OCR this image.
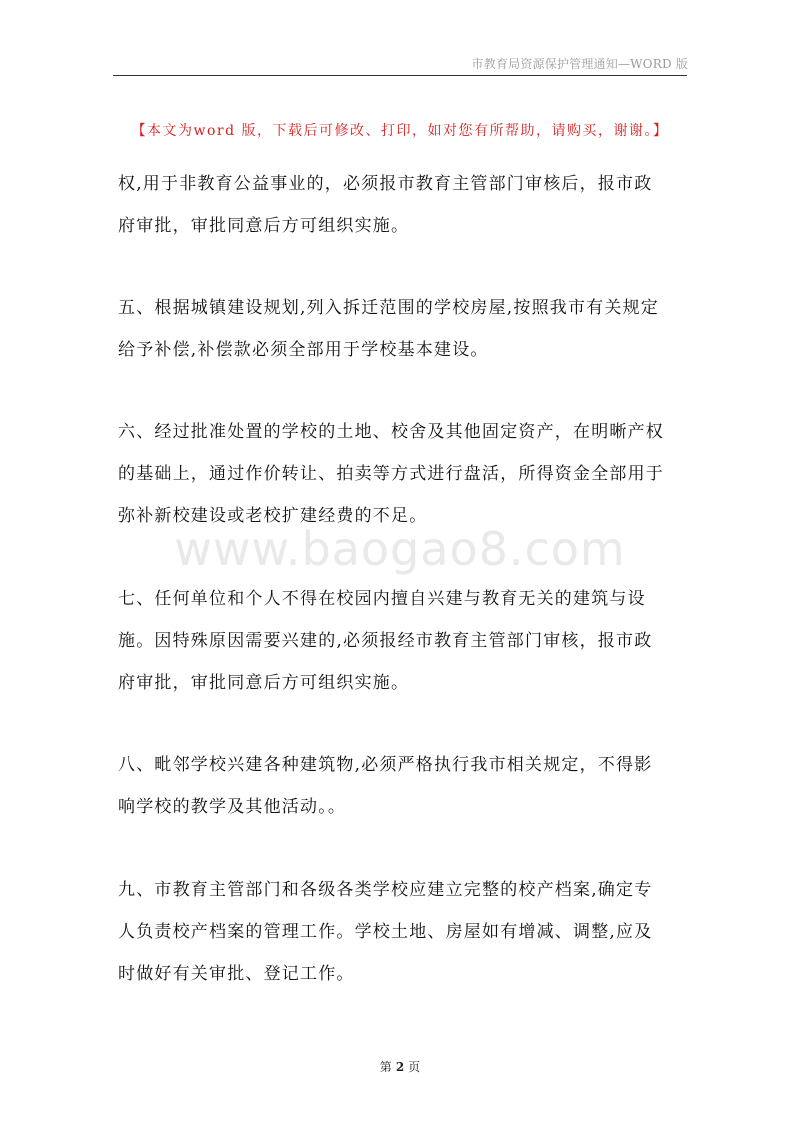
市教育局资源保护管理通知—WORD 版
【本文为word 版，下载后可修改、打印，如对您有所帮助，请购买，谢谢。】
权,用于非教育公益事业的，必须报市教育主管部门审核后，报市政
府审批，审批同意后方可组织实施。
五、根据城镇建设规划,列入拆迁范围的学校房屋,按照我市有关规定
给予补偿,补偿款必须全部用于学校基本建设。
六、经过批准处置的学校的土地、校舍及其他固定资产，在明晰产权
的基础上，通过作价转让、拍卖等方式进行盘活，所得资金全部用于
弥补新校建设或老校扩建经费的不足。
www.baogao8.com
七、任何单位和个人不得在校园内擅自兴建与教育无关的建筑与设
施。因特殊原因需要兴建的,必须报经市教育主管部门审核，报市政
府审批，审批同意后方可组织实施。
八、毗邻学校兴建各种建筑物,必须严格执行我市相关规定，不得影
响学校的教学及其他活动。。
九、市教育主管部门和各级各类学校应建立完整的校产档案,确定专
人负责校产档案的管理工作。学校土地、房屋如有增减、调整,应及
时做好有关审批、登记工作。
第 2 页
